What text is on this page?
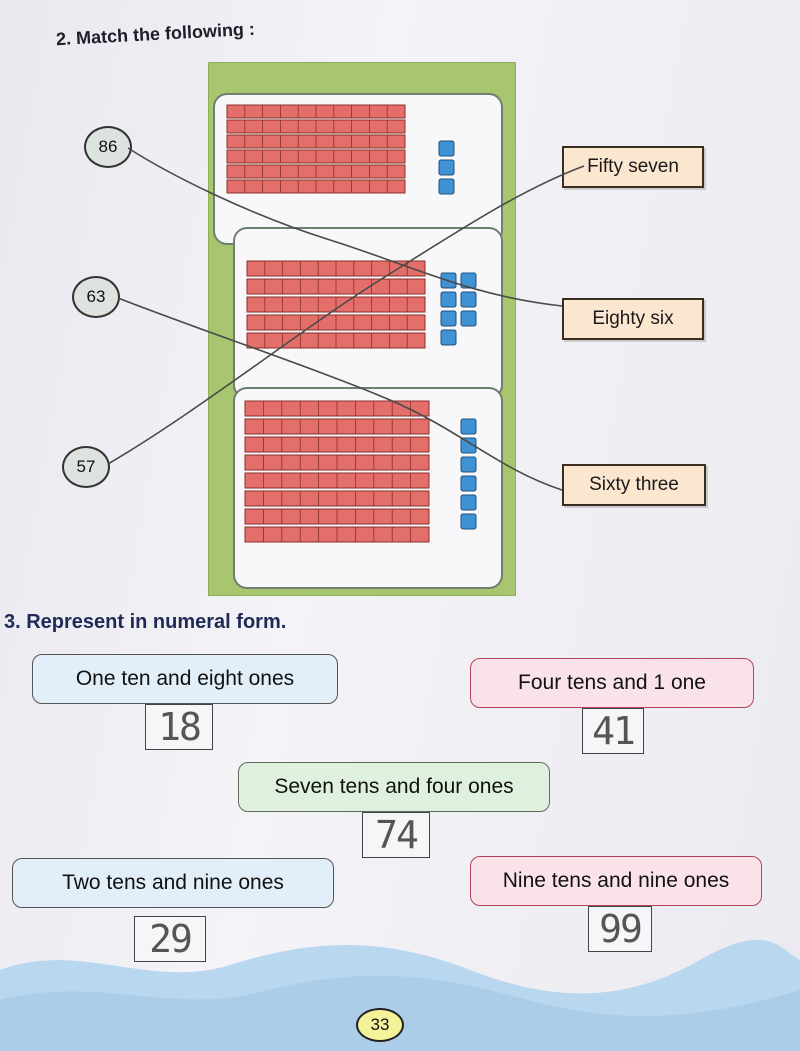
2. Match the following :
86
63
57
Fifty seven
Eighty six
Sixty three
3. Represent in numeral form.
One ten and eight ones
18
Four tens and 1 one
41
Seven tens and four ones
74
Two tens and nine ones
29
Nine tens and nine ones
99
33
